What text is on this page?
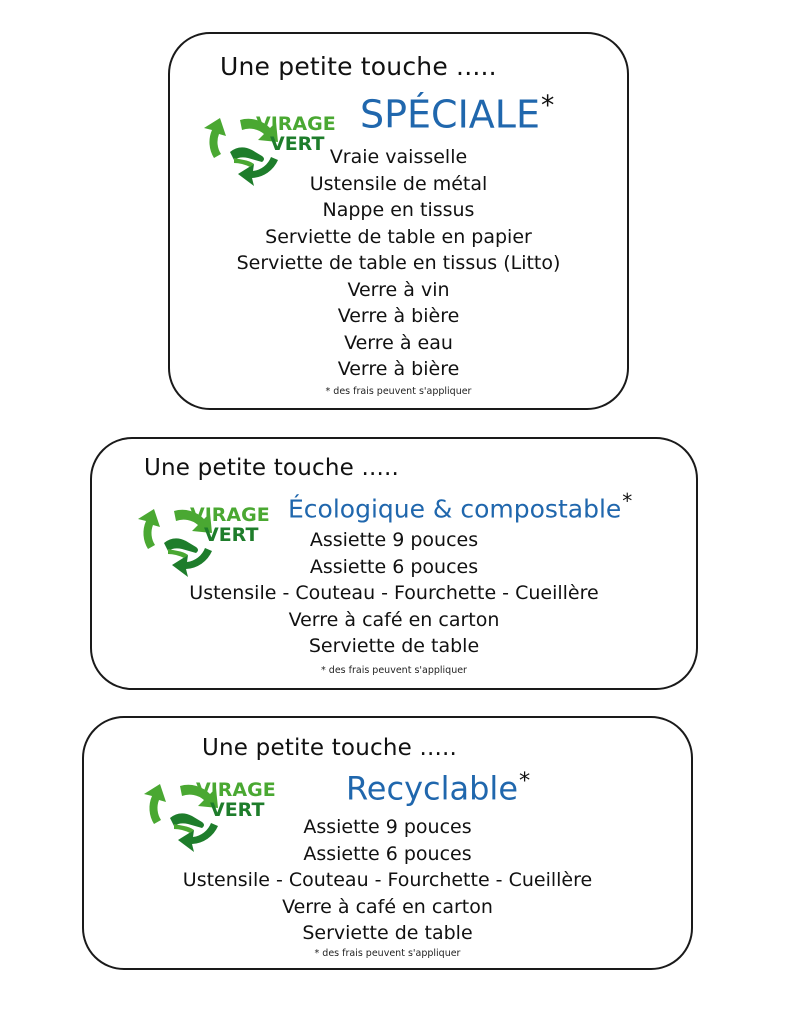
Une petite touche .....
VIRAGE
VERT
SPÉCIALE*
Vraie vaisselle
Ustensile de métal
Nappe en tissus
Serviette de table en papier
Serviette de table en tissus (Litto)
Verre à vin
Verre à bière
Verre à eau
Verre à bière
* des frais peuvent s'appliquer
Une petite touche .....
VIRAGE
VERT
Écologique & compostable*
Assiette 9 pouces
Assiette 6 pouces
Ustensile - Couteau - Fourchette - Cueillère
Verre à café en carton
Serviette de table
* des frais peuvent s'appliquer
Une petite touche .....
VIRAGE
VERT
Recyclable*
Assiette 9 pouces
Assiette 6 pouces
Ustensile - Couteau - Fourchette - Cueillère
Verre à café en carton
Serviette de table
* des frais peuvent s'appliquer
